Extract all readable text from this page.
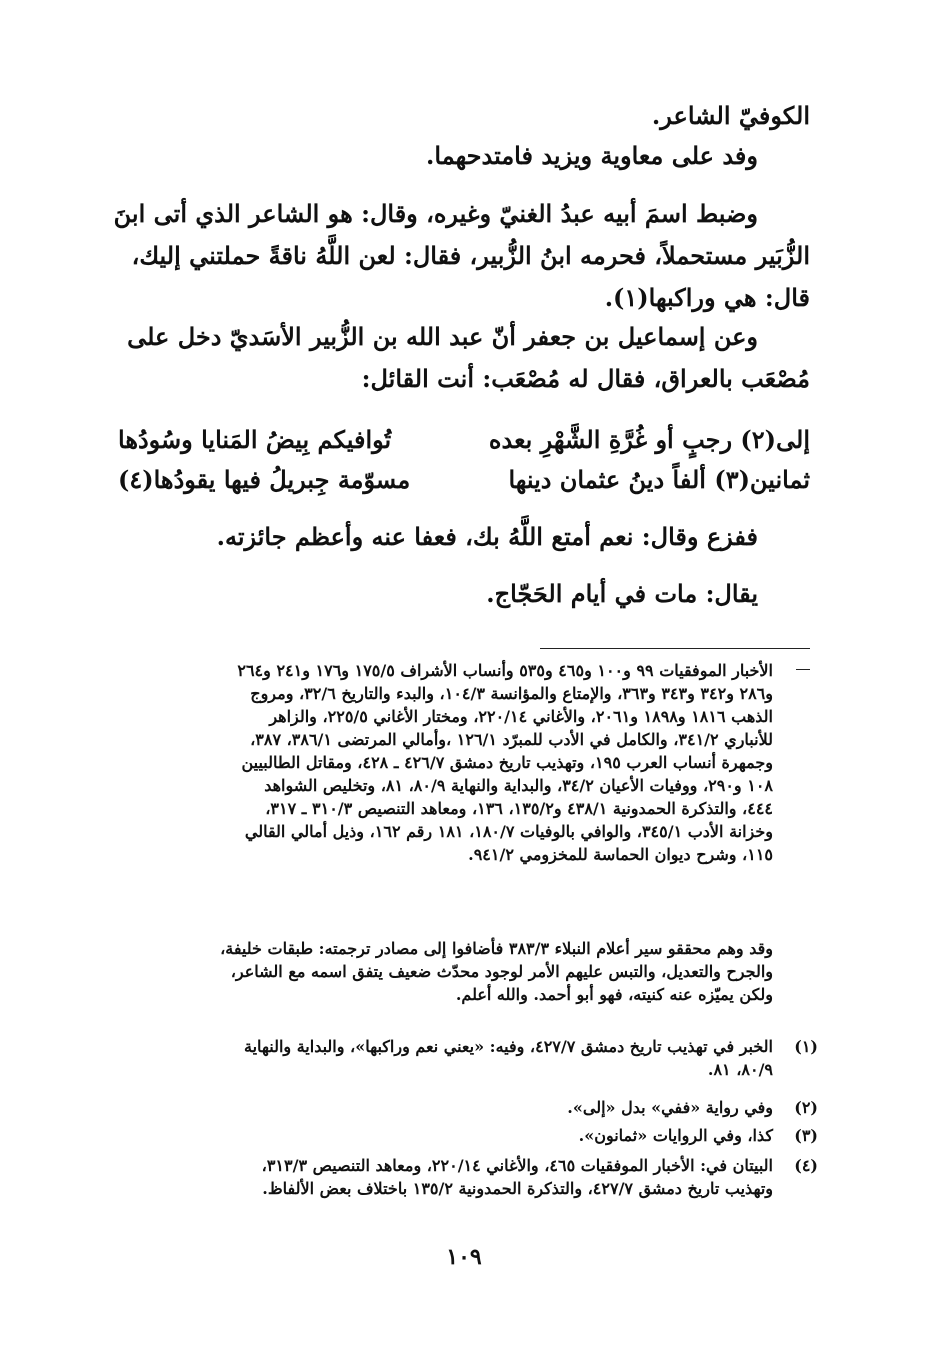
الكوفيّ الشاعر.
وفد على معاوية ويزيد فامتدحهما.
وضبط اسمَ أبيه عبدُ الغنيّ وغيره، وقال: هو الشاعر الذي أتى ابنَ
الزُّبَير مستحملاً، فحرمه ابنُ الزُّبير، فقال: لعن اللَّهُ ناقةً حملتني إليك،
قال: هي وراكبها(١).
وعن إسماعيل بن جعفر أنّ عبد الله بن الزُّبير الأسَديّ دخل على
مُصْعَب بالعراق، فقال له مُصْعَب: أنت القائل:
إلى(٢) رجبٍ أو غُرَّةِ الشَّهْرِ بعده
تُوافيكم بِيضُ المَنايا وسُودُها
ثمانين(٣) ألفاً دينُ عثمان دينها
مسوّمة جِبريلُ فيها يقودُها(٤)
ففزع وقال: نعم أمتع اللَّهُ بك، فعفا عنه وأعظم جائزته.
يقال: مات في أيام الحَجّاج.
الأخبار الموفقيات ٩٩ و١٠٠ و٤٦٥ و٥٣٥ وأنساب الأشراف ١٧٥/٥ و١٧٦ و٢٤١ و٢٦٤
و٢٨٦ و٣٤٢ و٣٤٣ و٣٦٣، والإمتاع والمؤانسة ١٠٤/٣، والبدء والتاريخ ٣٢/٦، ومروج
الذهب ١٨١٦ و١٨٩٨ و٢٠٦١، والأغاني ٢٢٠/١٤، ومختار الأغاني ٢٢٥/٥، والزاهر
للأنباري ٣٤١/٢، والكامل في الأدب للمبرّد ١٢٦/١ ،وأمالي المرتضى ٣٨٦/١، ٣٨٧،
وجمهرة أنساب العرب ١٩٥، وتهذيب تاريخ دمشق ٤٢٦/٧ ـ ٤٢٨، ومقاتل الطالبيين
١٠٨ و٢٩٠، ووفيات الأعيان ٣٤/٢، والبداية والنهاية ٨٠/٩، ٨١، وتخليص الشواهد
٤٤٤، والتذكرة الحمدونية ٤٣٨/١ و١٣٥/٢، ١٣٦، ومعاهد التنصيص ٣١٠/٣ ـ ٣١٧،
وخزانة الأدب ٣٤٥/١، والوافي بالوفيات ١٨٠/٧، ١٨١ رقم ١٦٢، وذيل أمالي القالي
١١٥، وشرح ديوان الحماسة للمخزومي ٩٤١/٢.
وقد وهم محققو سير أعلام النبلاء ٣٨٣/٣ فأضافوا إلى مصادر ترجمته: طبقات خليفة،
والجرح والتعديل، والتبس عليهم الأمر لوجود محدّث ضعيف يتفق اسمه مع الشاعر،
ولكن يميّزه عنه كنيته، فهو أبو أحمد. والله أعلم.
(١)
الخبر في تهذيب تاريخ دمشق ٤٢٧/٧، وفيه: «يعني نعم وراكبها»، والبداية والنهاية
٨٠/٩، ٨١.
(٢)
وفي رواية «ففي» بدل «إلى».
(٣)
كذا، وفي الروايات «ثمانون».
(٤)
البيتان في: الأخبار الموفقيات ٤٦٥، والأغاني ٢٢٠/١٤، ومعاهد التنصيص ٣١٣/٣،
وتهذيب تاريخ دمشق ٤٢٧/٧، والتذكرة الحمدونية ١٣٥/٢ باختلاف بعض الألفاظ.
١٠٩
